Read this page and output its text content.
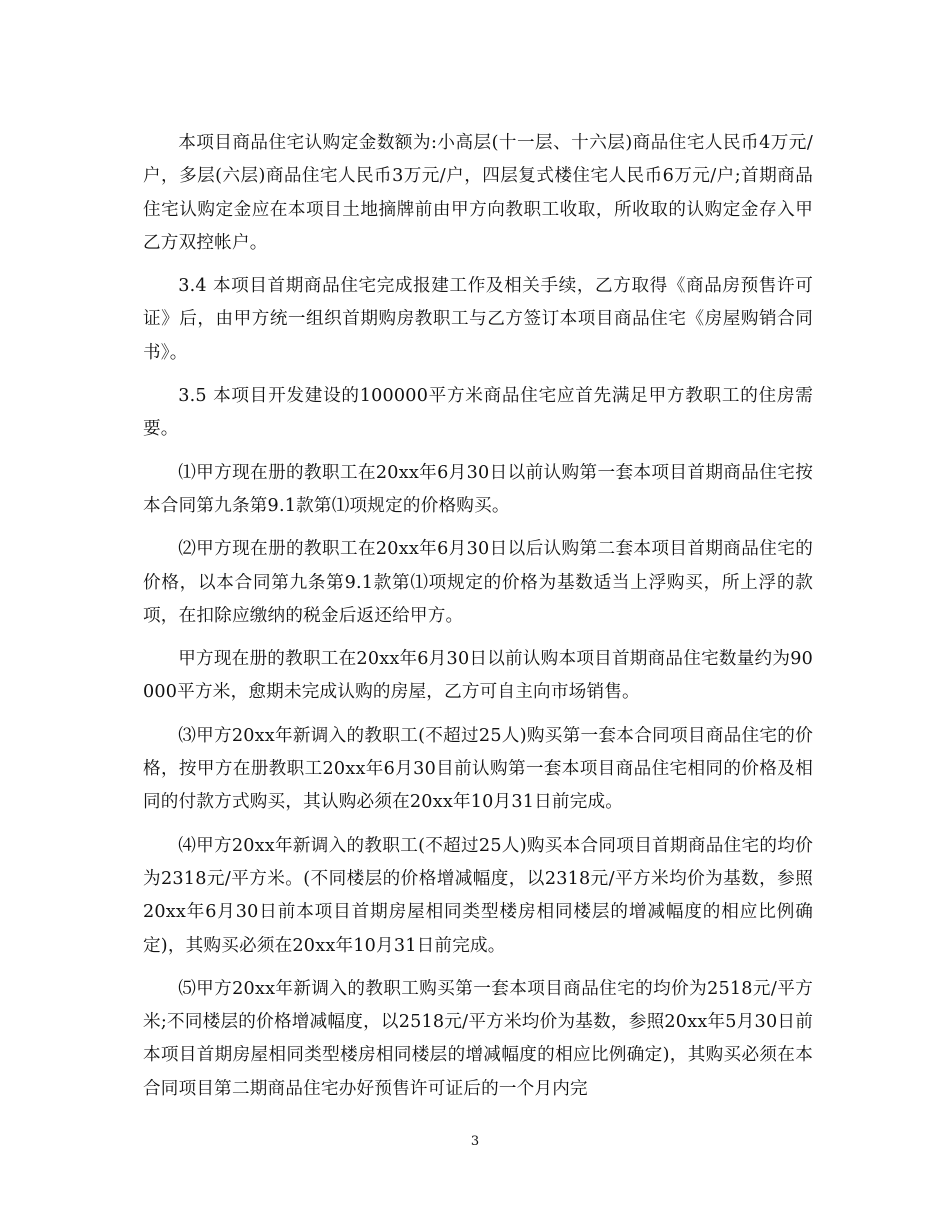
本项目商品住宅认购定金数额为:小高层(十一层、十六层)商品住宅人民币4万元/户，多层(六层)商品住宅人民币3万元/户，四层复式楼住宅人民币6万元/户;首期商品住宅认购定金应在本项目土地摘牌前由甲方向教职工收取，所收取的认购定金存入甲乙方双控帐户。

3.4 本项目首期商品住宅完成报建工作及相关手续，乙方取得《商品房预售许可证》后，由甲方统一组织首期购房教职工与乙方签订本项目商品住宅《房屋购销合同书》。

3.5 本项目开发建设的100000平方米商品住宅应首先满足甲方教职工的住房需要。

⑴甲方现在册的教职工在20xx年6月30日以前认购第一套本项目首期商品住宅按本合同第九条第9.1款第⑴项规定的价格购买。

⑵甲方现在册的教职工在20xx年6月30日以后认购第二套本项目首期商品住宅的价格，以本合同第九条第9.1款第⑴项规定的价格为基数适当上浮购买，所上浮的款项，在扣除应缴纳的税金后返还给甲方。

甲方现在册的教职工在20xx年6月30日以前认购本项目首期商品住宅数量约为90000平方米，愈期未完成认购的房屋，乙方可自主向市场销售。

⑶甲方20xx年新调入的教职工(不超过25人)购买第一套本合同项目商品住宅的价格，按甲方在册教职工20xx年6月30目前认购第一套本项目商品住宅相同的价格及相同的付款方式购买，其认购必须在20xx年10月31日前完成。

⑷甲方20xx年新调入的教职工(不超过25人)购买本合同项目首期商品住宅的均价为2318元/平方米。(不同楼层的价格增减幅度，以2318元/平方米均价为基数，参照20xx年6月30日前本项目首期房屋相同类型楼房相同楼层的增减幅度的相应比例确定)，其购买必须在20xx年10月31日前完成。

⑸甲方20xx年新调入的教职工购买第一套本项目商品住宅的均价为2518元/平方米;不同楼层的价格增减幅度，以2518元/平方米均价为基数，参照20xx年5月30日前本项目首期房屋相同类型楼房相同楼层的增减幅度的相应比例确定)，其购买必须在本合同项目第二期商品住宅办好预售许可证后的一个月内完

3
